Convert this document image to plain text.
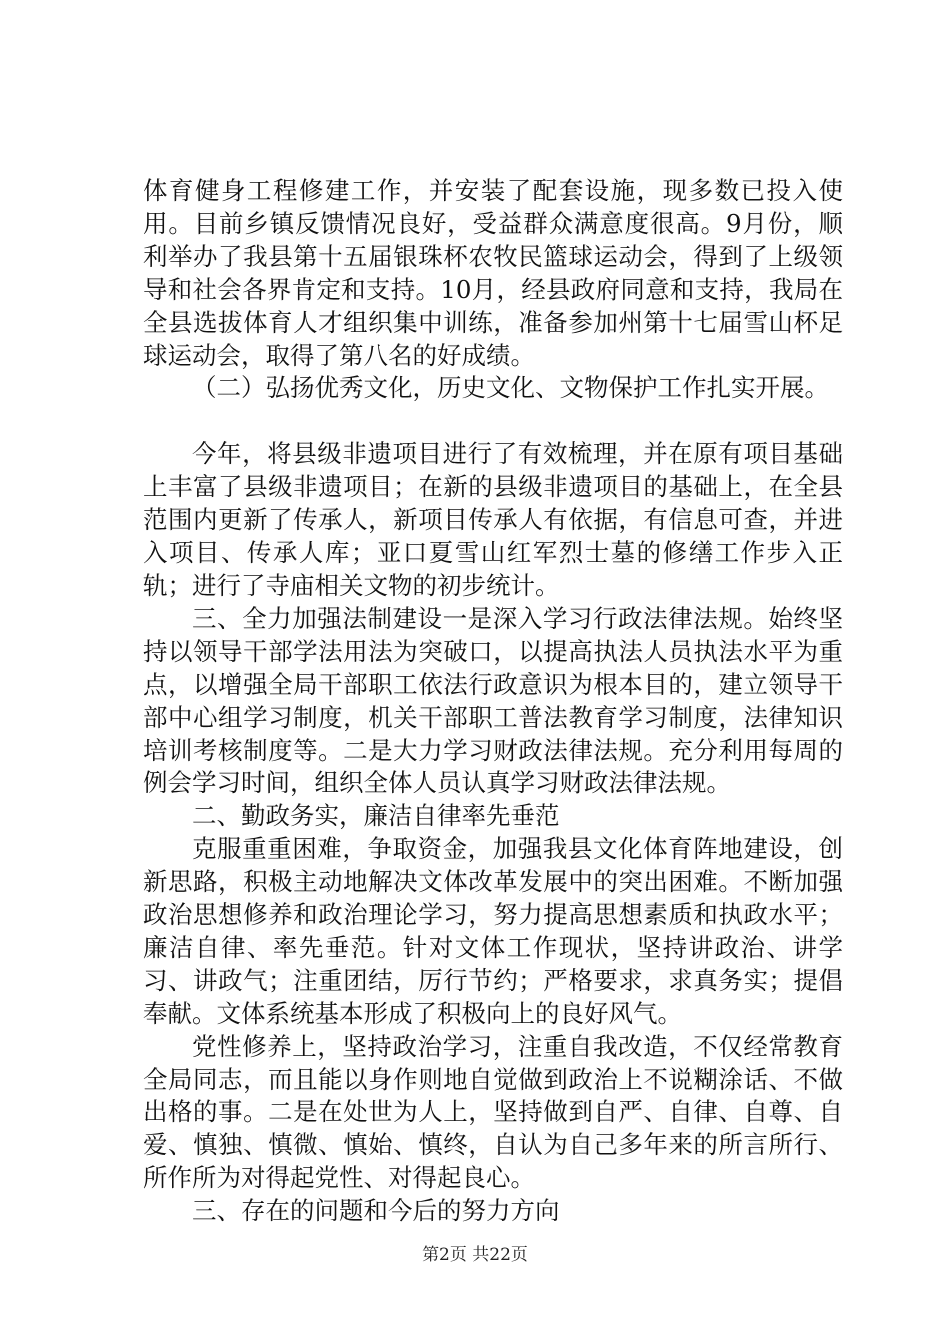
体育健身工程修建工作，并安装了配套设施，现多数已投入使用。目前乡镇反馈情况良好，受益群众满意度很高。9月份，顺利举办了我县第十五届银珠杯农牧民篮球运动会，得到了上级领导和社会各界肯定和支持。10月，经县政府同意和支持，我局在全县选拔体育人才组织集中训练，准备参加州第十七届雪山杯足球运动会，取得了第八名的好成绩。

（二）弘扬优秀文化，历史文化、文物保护工作扎实开展。

今年，将县级非遗项目进行了有效梳理，并在原有项目基础上丰富了县级非遗项目；在新的县级非遗项目的基础上，在全县范围内更新了传承人，新项目传承人有依据，有信息可查，并进入项目、传承人库；亚口夏雪山红军烈士墓的修缮工作步入正轨；进行了寺庙相关文物的初步统计。

三、全力加强法制建设一是深入学习行政法律法规。始终坚持以领导干部学法用法为突破口，以提高执法人员执法水平为重点，以增强全局干部职工依法行政意识为根本目的，建立领导干部中心组学习制度，机关干部职工普法教育学习制度，法律知识培训考核制度等。二是大力学习财政法律法规。充分利用每周的例会学习时间，组织全体人员认真学习财政法律法规。

二、勤政务实，廉洁自律率先垂范

克服重重困难，争取资金，加强我县文化体育阵地建设，创新思路，积极主动地解决文体改革发展中的突出困难。不断加强政治思想修养和政治理论学习，努力提高思想素质和执政水平；廉洁自律、率先垂范。针对文体工作现状，坚持讲政治、讲学习、讲政气；注重团结，厉行节约；严格要求，求真务实；提倡奉献。文体系统基本形成了积极向上的良好风气。

党性修养上，坚持政治学习，注重自我改造，不仅经常教育全局同志，而且能以身作则地自觉做到政治上不说糊涂话、不做出格的事。二是在处世为人上，坚持做到自严、自律、自尊、自爱、慎独、慎微、慎始、慎终，自认为自己多年来的所言所行、所作所为对得起党性、对得起良心。

三、存在的问题和今后的努力方向

第2页 共22页
